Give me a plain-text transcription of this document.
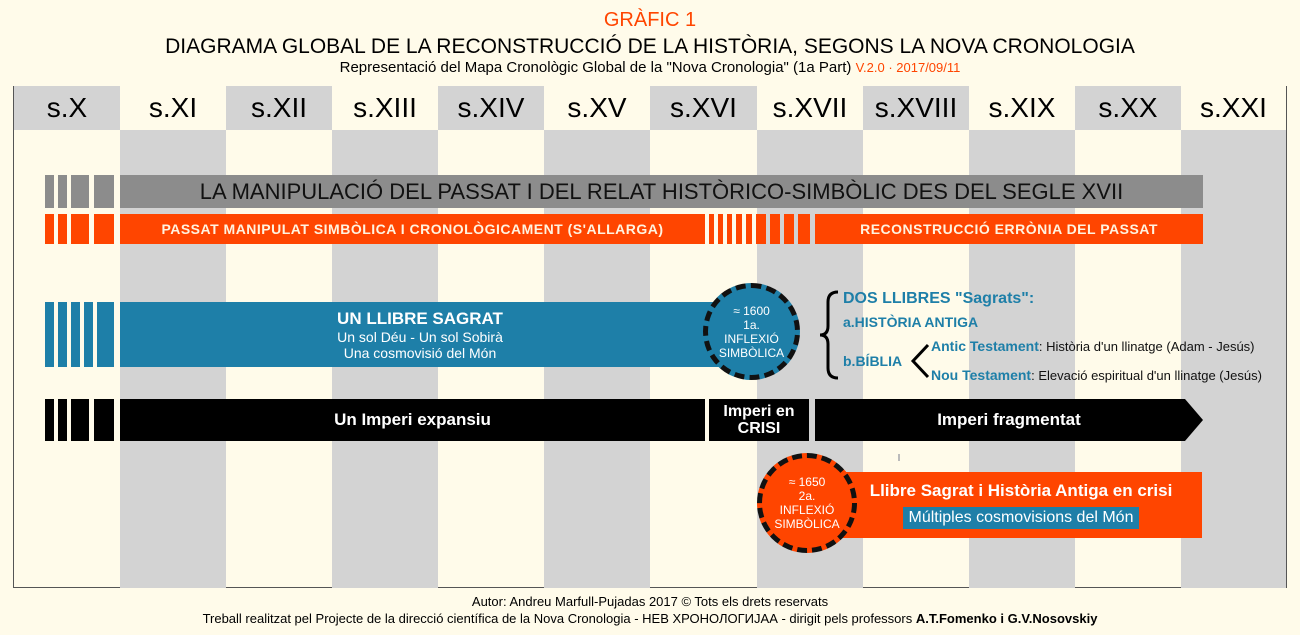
GRÀFIC 1
DIAGRAMA GLOBAL DE LA RECONSTRUCCIÓ DE LA HISTÒRIA, SEGONS LA NOVA CRONOLOGIA
Representació del Mapa Cronològic Global de la "Nova Cronologia" (1a Part) V.2.0 · 2017/09/11
s.X	s.XI	s.XII	s.XIII	s.XIV	s.XV	s.XVI	s.XVII s.XVIII	s.XIX	s.XX	s.XXI
LA MANIPULACIÓ DEL PASSAT I DEL RELAT HISTÒRICO-SIMBÒLIC DES DEL SEGLE XVII
PASSAT MANIPULAT SIMBÒLICA I CRONOLÒGICAMENT (S'ALLARGA)	RECONSTRUCCIÓ ERRÒNIA DEL PASSAT
UN LLIBRE SAGRAT
Un sol Déu - Un sol Sobirà
Una cosmovisió del Món
Un Imperi expansiu	Imperi en
CRISI	Imperi fragmentat
Llibre Sagrat i Història Antiga en crisi
Múltiples cosmovisions del Món
≈ 1600
1a.
INFLEXIÓ
SIMBÒLICA
≈ 1650
2a.
INFLEXIÓ
SIMBÒLICA
DOS LLIBRES "Sagrats":
a.HISTÒRIA ANTIGA
b.BÍBLIA
Antic Testament: Història d'un llinatge (Adam - Jesús)
Nou Testament: Elevació espiritual d'un llinatge (Jesús)
Autor: Andreu Marfull-Pujadas 2017 © Tots els drets reservats
Treball realitzat pel Projecte de la direcció científica de la Nova Cronologia - НЕВ ХРОНОЛОГИЈАА - dirigit pels professors A.T.Fomenko i G.V.Nosovskiy
